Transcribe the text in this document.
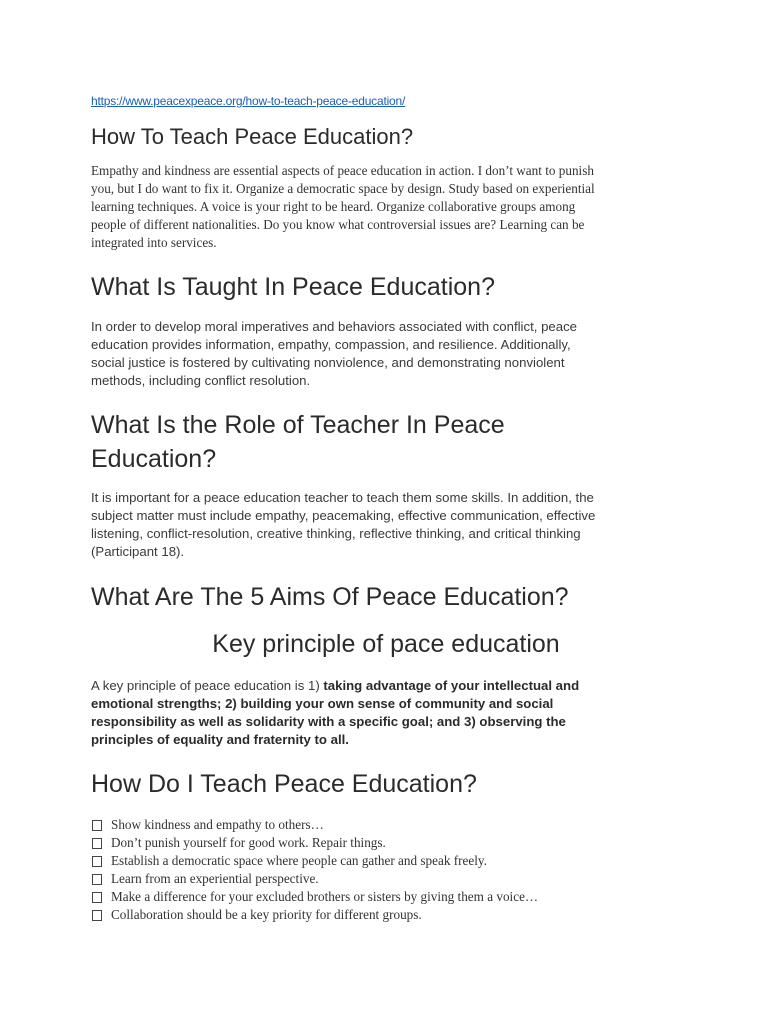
https://www.peacexpeace.org/how-to-teach-peace-education/
How To Teach Peace Education?

Empathy and kindness are essential aspects of peace education in action. I don’t want to punish
you, but I do want to fix it. Organize a democratic space by design. Study based on experiential
learning techniques. A voice is your right to be heard. Organize collaborative groups among
people of different nationalities. Do you know what controversial issues are? Learning can be
integrated into services.

What Is Taught In Peace Education?

In order to develop moral imperatives and behaviors associated with conflict, peace
education provides information, empathy, compassion, and resilience. Additionally,
social justice is fostered by cultivating nonviolence, and demonstrating nonviolent
methods, including conflict resolution.

What Is the Role of Teacher In Peace
Education?

It is important for a peace education teacher to teach them some skills. In addition, the
subject matter must include empathy, peacemaking, effective communication, effective
listening, conflict-resolution, creative thinking, reflective thinking, and critical thinking
(Participant 18).

What Are The 5 Aims Of Peace Education?
Key principle of pace education

A key principle of peace education is 1) taking advantage of your intellectual and
emotional strengths; 2) building your own sense of community and social
responsibility as well as solidarity with a specific goal; and 3) observing the
principles of equality and fraternity to all.

How Do I Teach Peace Education?
Show kindness and empathy to others…
Don’t punish yourself for good work. Repair things.
Establish a democratic space where people can gather and speak freely.
Learn from an experiential perspective.
Make a difference for your excluded brothers or sisters by giving them a voice…
Collaboration should be a key priority for different groups.
